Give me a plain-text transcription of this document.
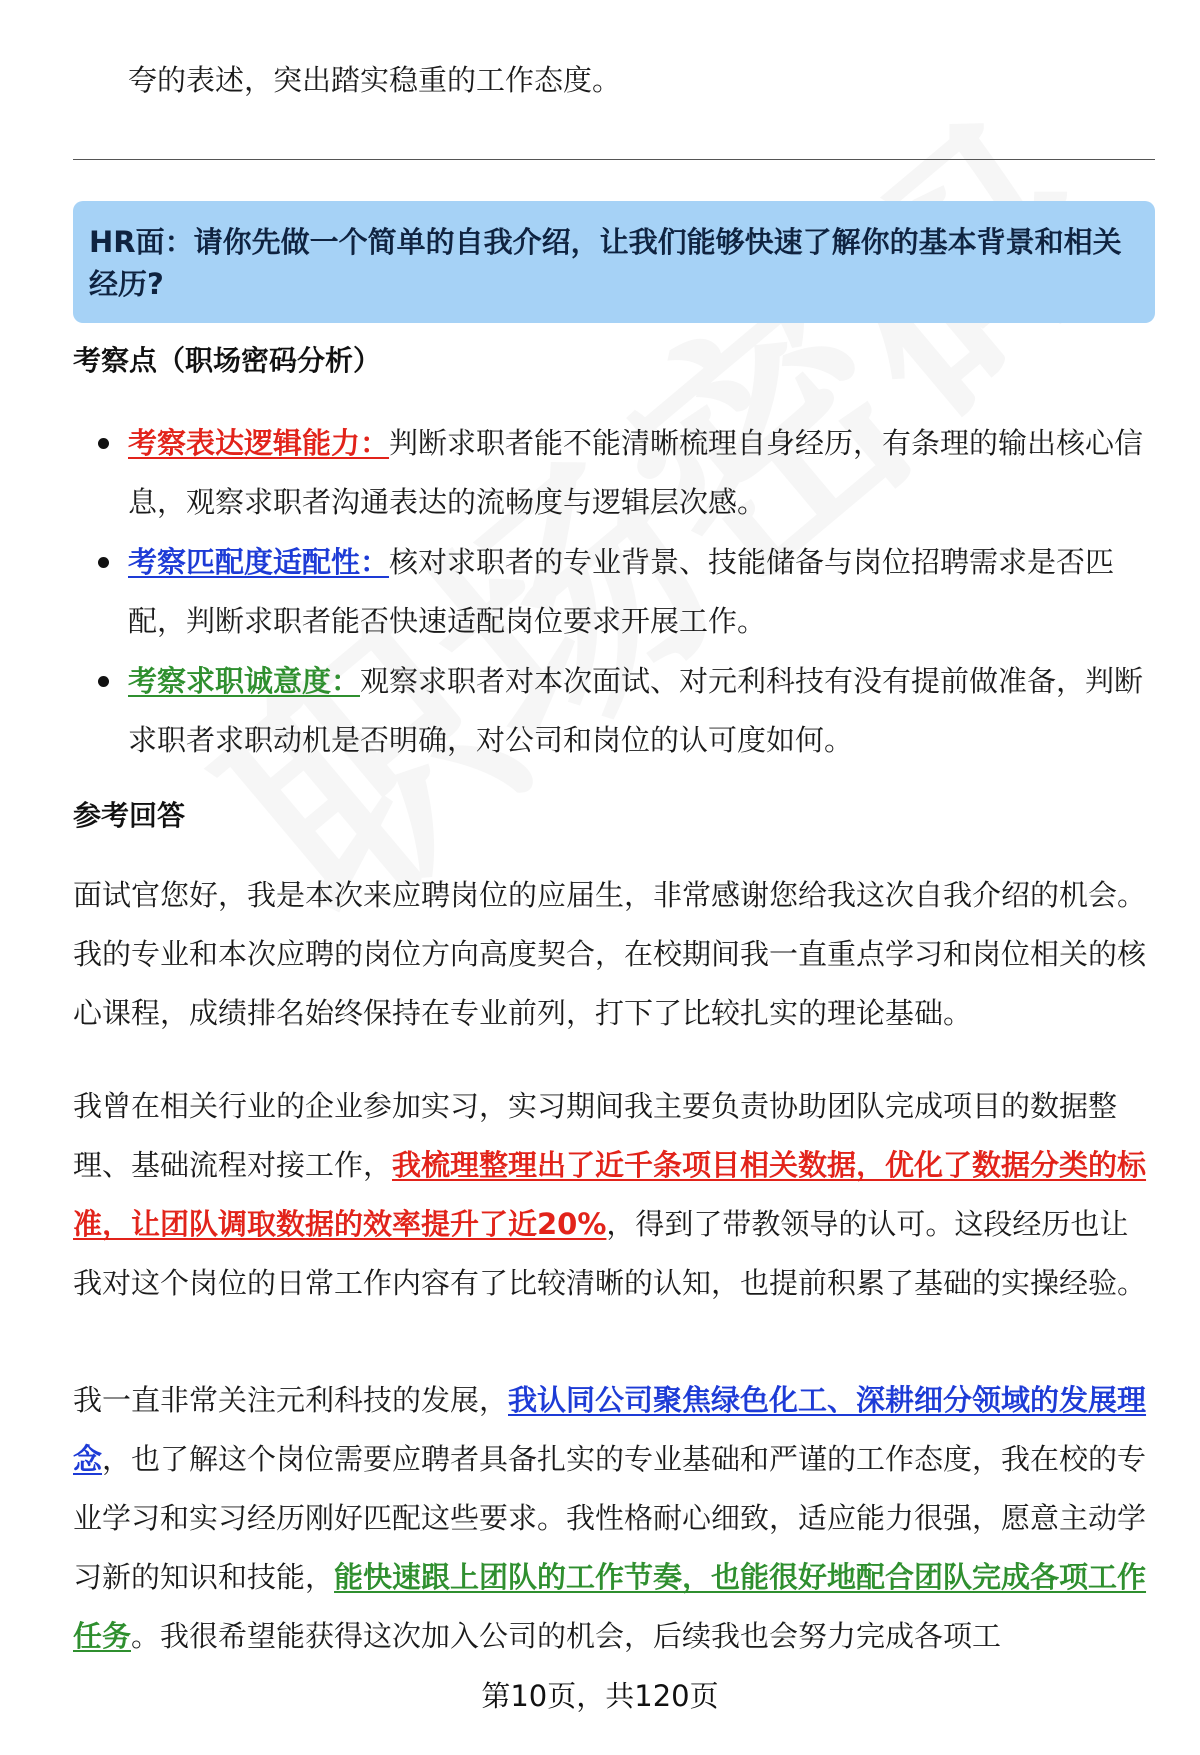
夸的表述，突出踏实稳重的工作态度。

HR面：请你先做一个简单的自我介绍，让我们能够快速了解你的基本背景和相关经历?

考察点（职场密码分析）
考察表达逻辑能力：判断求职者能不能清晰梳理自身经历，有条理的输出核心信息，观察求职者沟通表达的流畅度与逻辑层次感。
考察匹配度适配性：核对求职者的专业背景、技能储备与岗位招聘需求是否匹配，判断求职者能否快速适配岗位要求开展工作。
考察求职诚意度：观察求职者对本次面试、对元利科技有没有提前做准备，判断求职者求职动机是否明确，对公司和岗位的认可度如何。
参考回答

面试官您好，我是本次来应聘岗位的应届生，非常感谢您给我这次自我介绍的机会。我的专业和本次应聘的岗位方向高度契合，在校期间我一直重点学习和岗位相关的核心课程，成绩排名始终保持在专业前列，打下了比较扎实的理论基础。

我曾在相关行业的企业参加实习，实习期间我主要负责协助团队完成项目的数据整理、基础流程对接工作，我梳理整理出了近千条项目相关数据，优化了数据分类的标准，让团队调取数据的效率提升了近20%，得到了带教领导的认可。这段经历也让我对这个岗位的日常工作内容有了比较清晰的认知，也提前积累了基础的实操经验。

我一直非常关注元利科技的发展，我认同公司聚焦绿色化工、深耕细分领域的发展理念，也了解这个岗位需要应聘者具备扎实的专业基础和严谨的工作态度，我在校的专业学习和实习经历刚好匹配这些要求。我性格耐心细致，适应能力很强，愿意主动学习新的知识和技能，能快速跟上团队的工作节奏，也能很好地配合团队完成各项工作任务。我很希望能获得这次加入公司的机会，后续我也会努力完成各项工

第10页，共120页
